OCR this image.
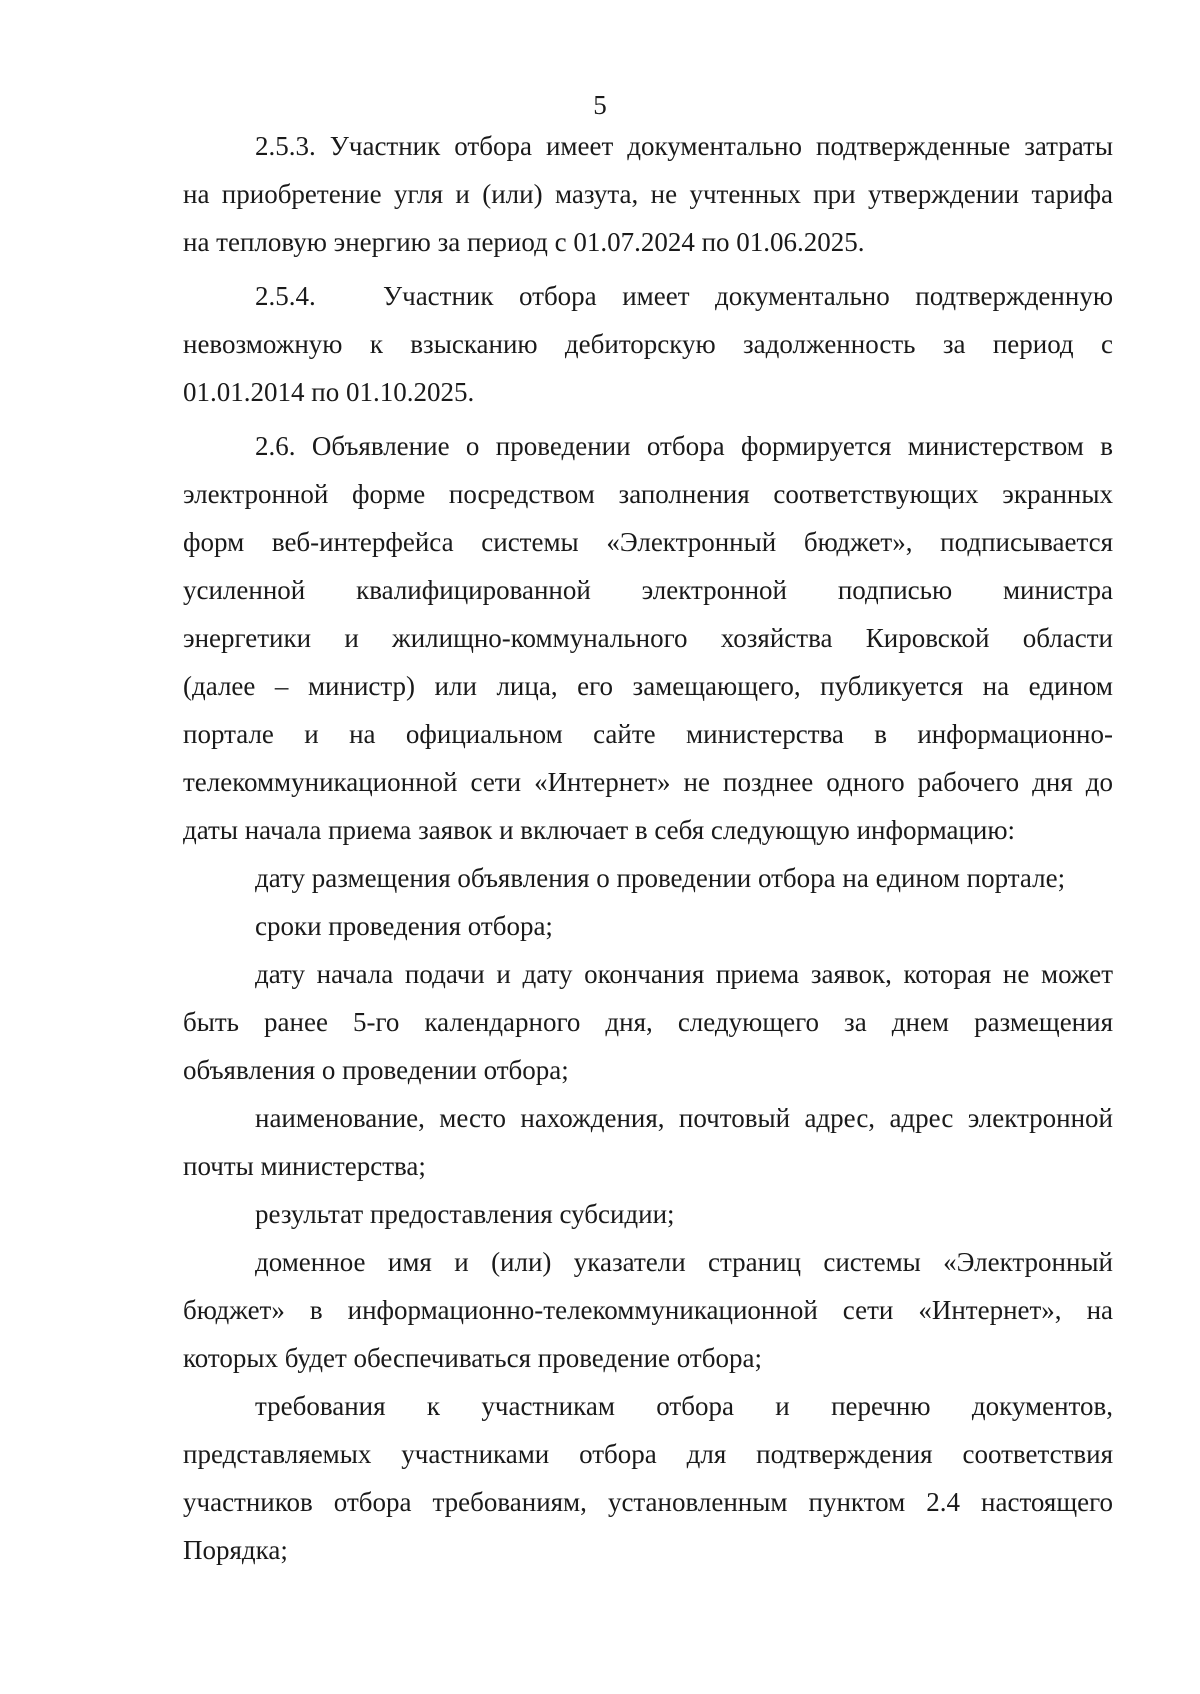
5
2.5.3. Участник отбора имеет документально подтвержденные затраты
на приобретение угля и (или) мазута, не учтенных при утверждении тарифа
на тепловую энергию за период с 01.07.2024 по 01.06.2025.
2.5.4.	Участник отбора имеет документально подтвержденную
невозможную к взысканию дебиторскую задолженность за период с
01.01.2014 по 01.10.2025.
2.6. Объявление о проведении отбора формируется министерством в
электронной форме посредством заполнения соответствующих экранных
форм веб-интерфейса системы «Электронный бюджет», подписывается
усиленной квалифицированной электронной подписью министра
энергетики и жилищно-коммунального хозяйства Кировской области
(далее – министр) или лица, его замещающего, публикуется на едином
портале и на официальном сайте министерства в информационно-
телекоммуникационной сети «Интернет» не позднее одного рабочего дня до
даты начала приема заявок и включает в себя следующую информацию:
дату размещения объявления о проведении отбора на едином портале;
сроки проведения отбора;
дату начала подачи и дату окончания приема заявок, которая не может
быть ранее 5-го календарного дня, следующего за днем размещения
объявления о проведении отбора;
наименование, место нахождения, почтовый адрес, адрес электронной
почты министерства;
результат предоставления субсидии;
доменное имя и (или) указатели страниц системы «Электронный
бюджет» в информационно-телекоммуникационной сети «Интернет», на
которых будет обеспечиваться проведение отбора;
требования к участникам отбора и перечню документов,
представляемых участниками отбора для подтверждения соответствия
участников отбора требованиям, установленным пунктом 2.4 настоящего
Порядка;
